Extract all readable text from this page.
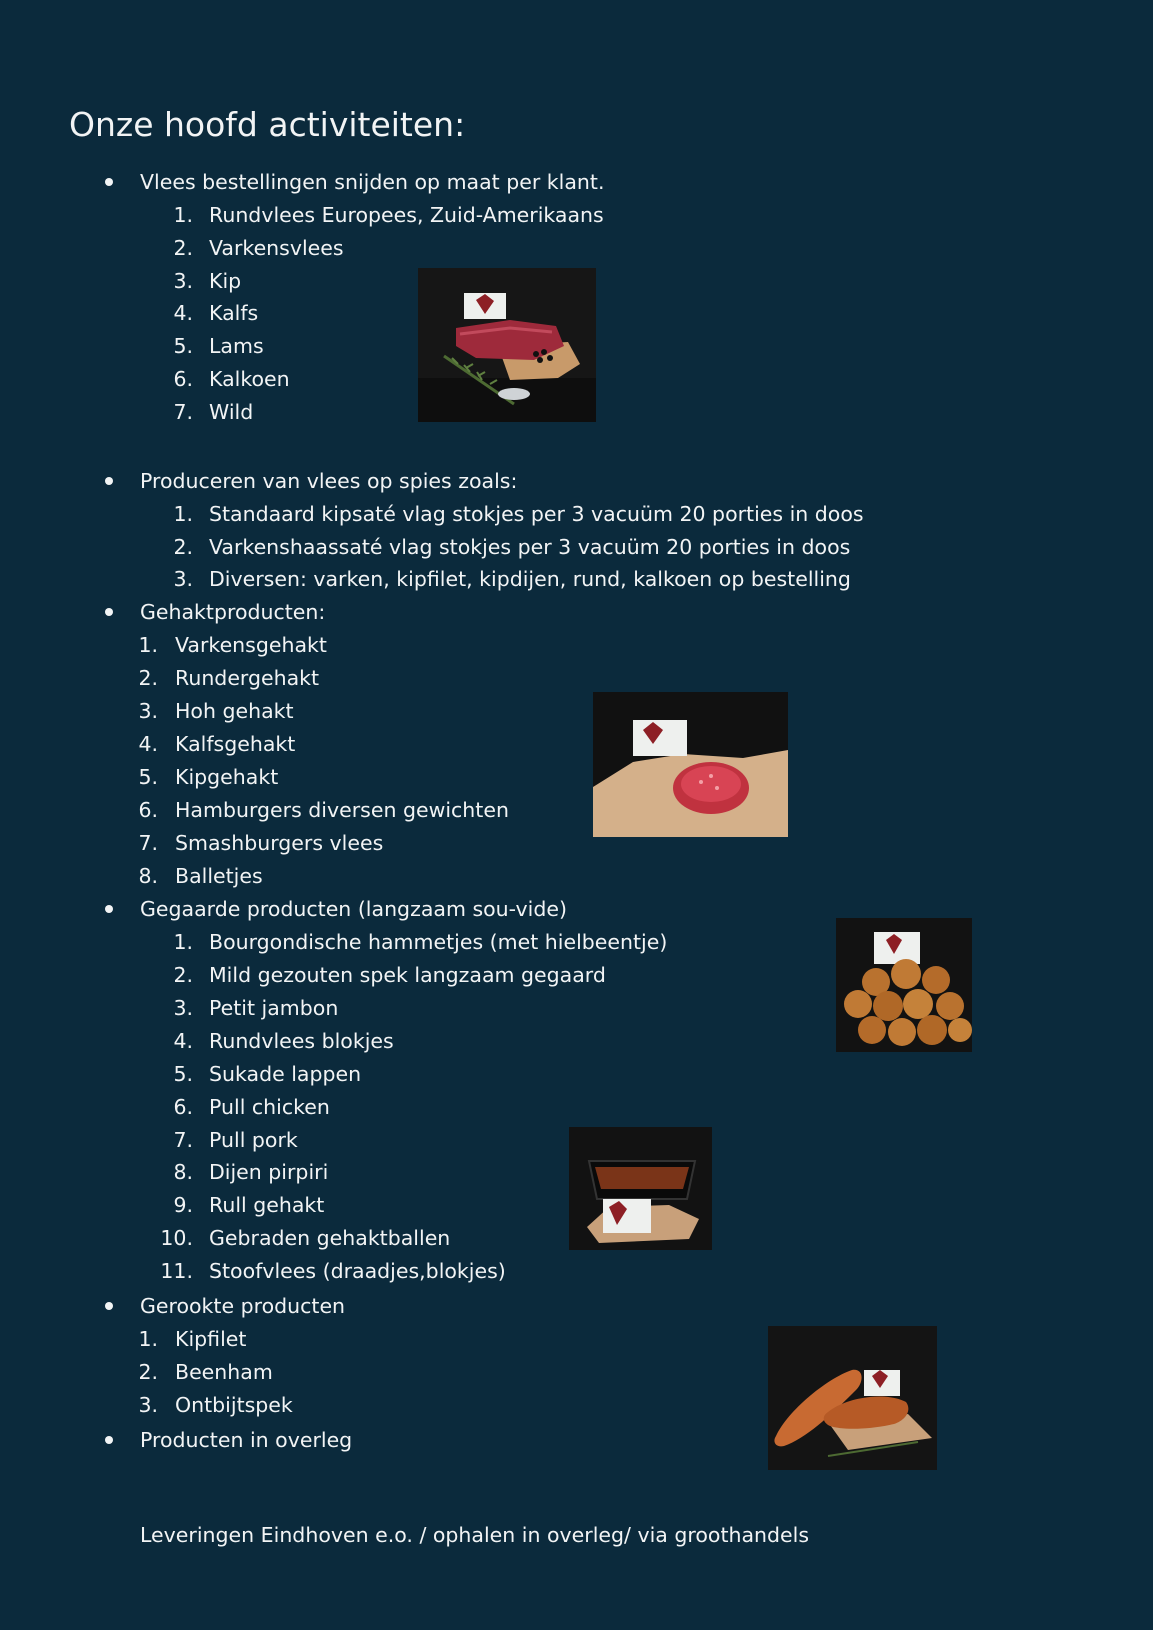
Onze hoofd activiteiten:
Vlees bestellingen snijden op maat per klant.
1. Rundvlees Europees, Zuid-Amerikaans
2. Varkensvlees
3. Kip
4. Kalfs
5. Lams
6. Kalkoen
7. Wild
Produceren van vlees op spies zoals:
1. Standaard kipsaté vlag stokjes per 3 vacuüm 20 porties in doos
2. Varkenshaassaté vlag stokjes per 3 vacuüm 20 porties in doos
3. Diversen: varken, kipfilet, kipdijen, rund, kalkoen op bestelling
Gehaktproducten:
1. Varkensgehakt
2. Rundergehakt
3. Hoh gehakt
4. Kalfsgehakt
5. Kipgehakt
6. Hamburgers diversen gewichten
7. Smashburgers vlees
8. Balletjes
Gegaarde producten (langzaam sou-vide)
1. Bourgondische hammetjes (met hielbeentje)
2. Mild gezouten spek langzaam gegaard
3. Petit jambon
4. Rundvlees blokjes
5. Sukade lappen
6. Pull chicken
7. Pull pork
8. Dijen pirpiri
9. Rull gehakt
10. Gebraden gehaktballen
11. Stoofvlees (draadjes,blokjes)
Gerookte producten
1. Kipfilet
2. Beenham
3. Ontbijtspek
Producten in overleg
Leveringen Eindhoven e.o. / ophalen in overleg/ via groothandels
